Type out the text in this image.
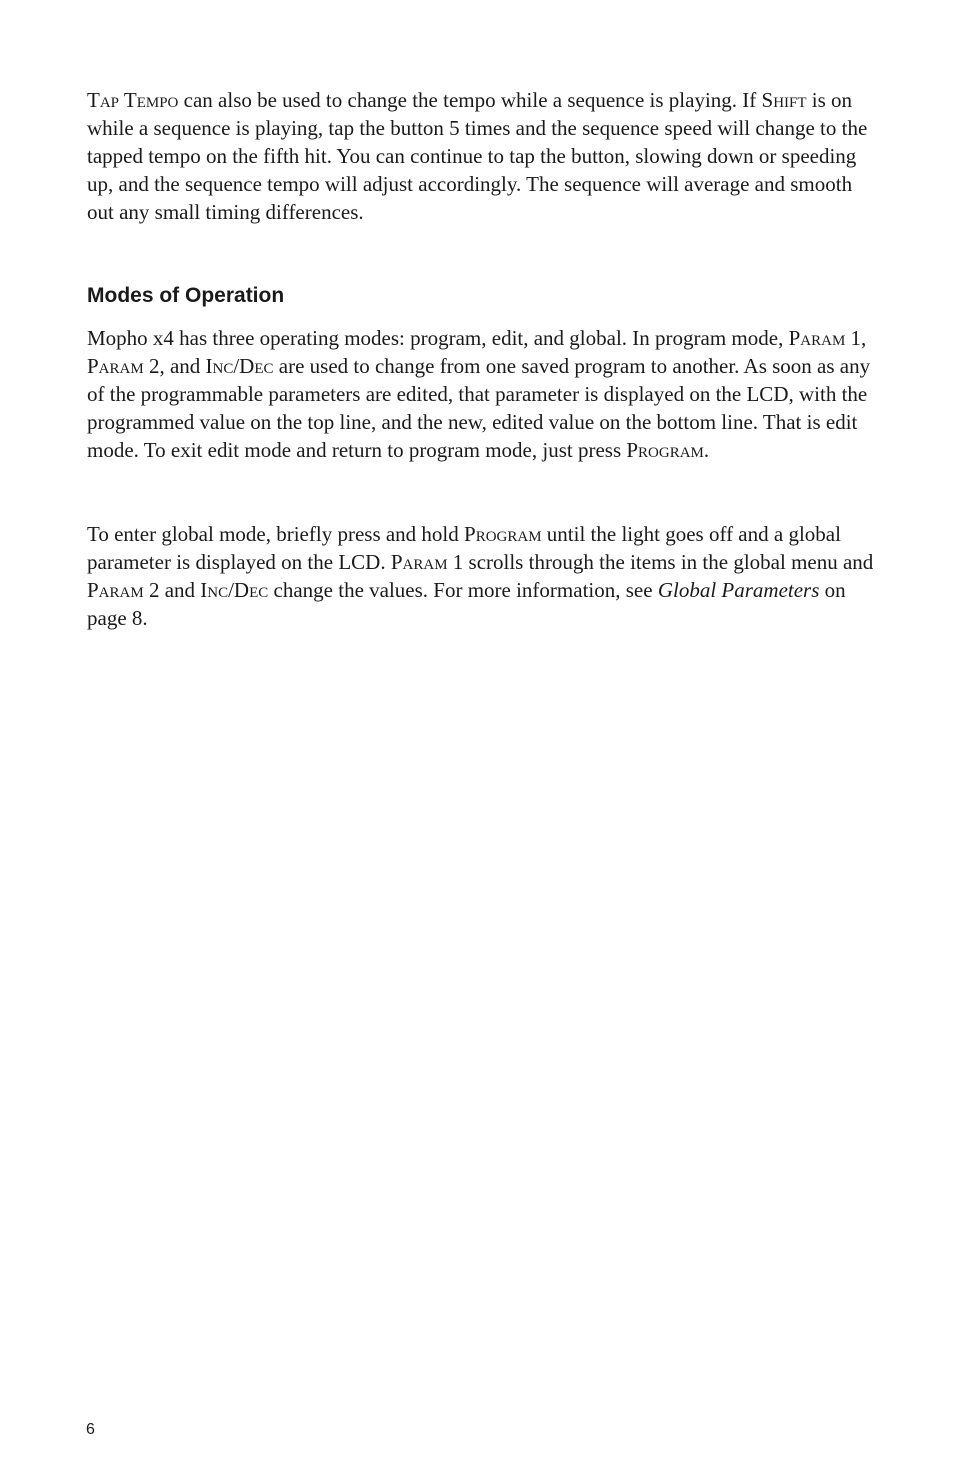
Tap Tempo can also be used to change the tempo while a sequence is playing. If Shift is on while a sequence is playing, tap the button 5 times and the sequence speed will change to the tapped tempo on the fifth hit. You can continue to tap the button, slowing down or speeding up, and the sequence tempo will adjust accordingly. The sequence will average and smooth out any small timing differences.

Modes of Operation

Mopho x4 has three operating modes: program, edit, and global. In program mode, Param 1, Param 2, and Inc/Dec are used to change from one saved program to another. As soon as any of the programmable parameters are edited, that parameter is displayed on the LCD, with the programmed value on the top line, and the new, edited value on the bottom line. That is edit mode. To exit edit mode and return to program mode, just press Program.

To enter global mode, briefly press and hold Program until the light goes off and a global parameter is displayed on the LCD. Param 1 scrolls through the items in the global menu and Param 2 and Inc/Dec change the values. For more information, see Global Parameters on page 8.

6
